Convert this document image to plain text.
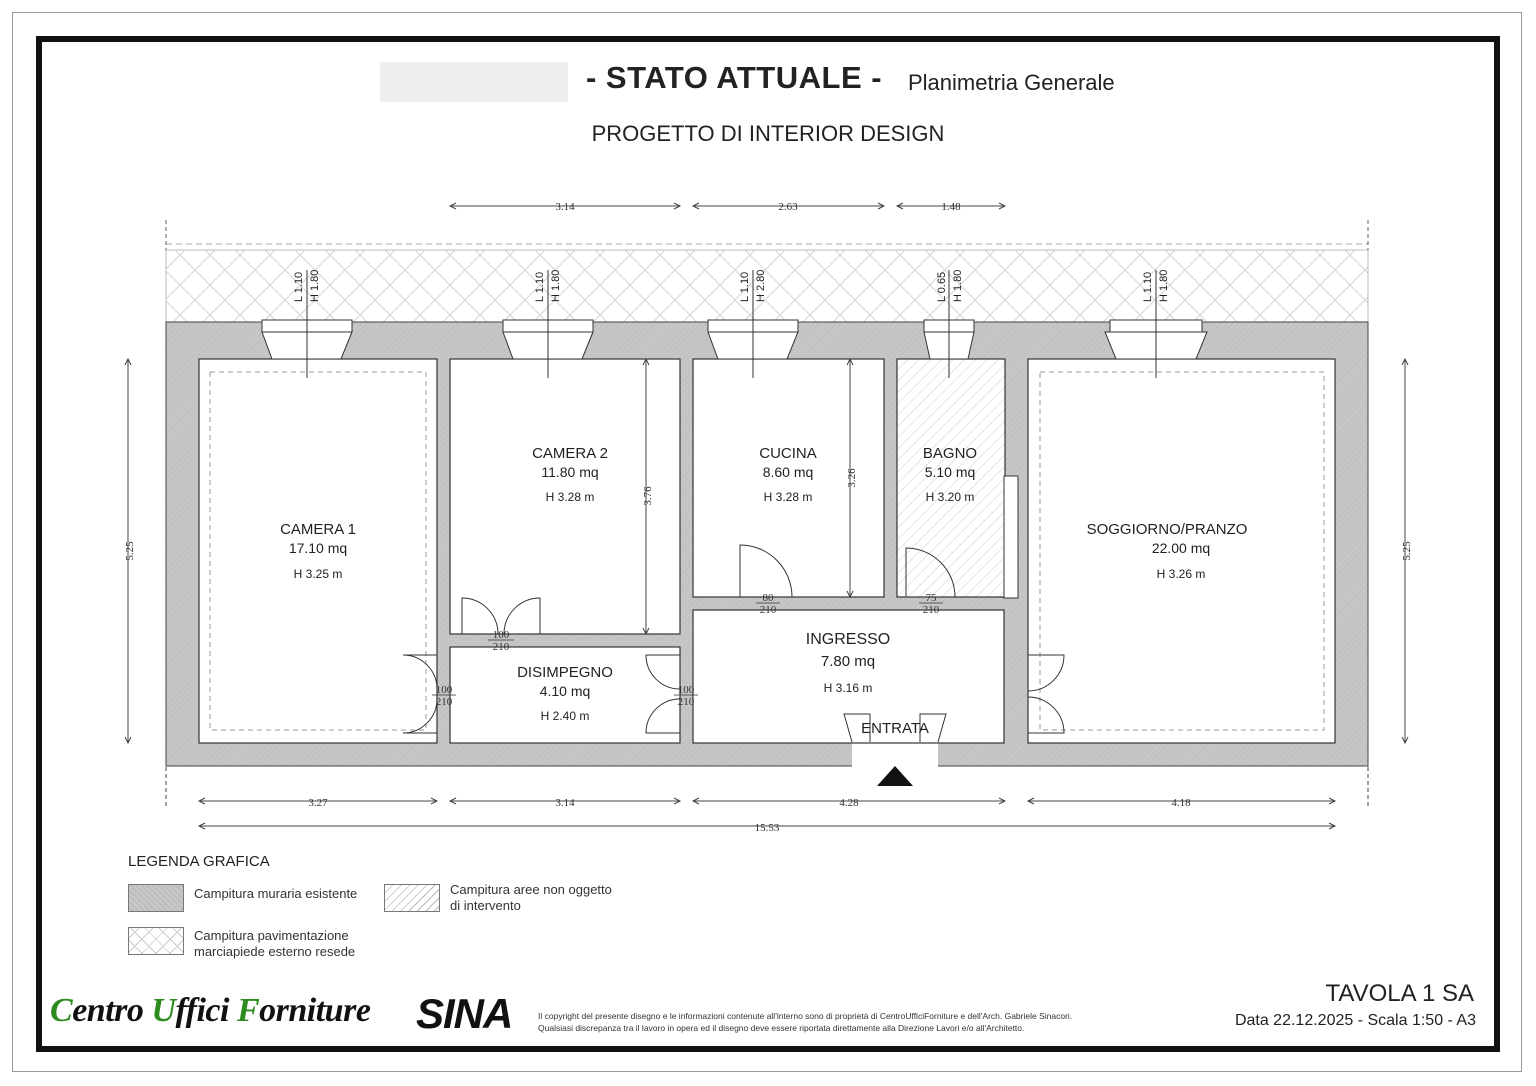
- STATO ATTUALE - Planimetria Generale
PROGETTO DI INTERIOR DESIGN
L 1.10 H 1.80	L 1.10 H 1.80	L 1.10 H 2.80	L 0.65 H 1.80	L 1.10 H 1.80
100
210
100
210
100
210
80
210
75
210
CAMERA 1
17.10 mq
H 3.25 m
CAMERA 2
11.80 mq
H 3.28 m
CUCINA
8.60 mq
H 3.28 m
BAGNO
5.10 mq
H 3.20 m
SOGGIORNO/PRANZO
22.00 mq
H 3.26 m
INGRESSO
7.80 mq
H 3.16 m
DISIMPEGNO
4.10 mq
H 2.40 m
ENTRATA
3.14	2.63	1.48
3.27	3.14	4.28	4.18
15.53
5.25	5.25
3.76
3.26
LEGENDA GRAFICA
Campitura muraria esistente	Campitura aree non oggetto
di intervento
Campitura pavimentazione
marciapiede esterno resede
Centro Uffici Forniture SINA	Il copyright del presente disegno e le informazioni contenute all'interno sono di proprietà di CentroUfficiForniture e dell'Arch. Gabriele Sinacori.
Qualsiasi discrepanza tra il lavoro in opera ed il disegno deve essere riportata direttamente alla Direzione Lavori e/o all'Architetto.
TAVOLA 1 SA
Data 22.12.2025 - Scala 1:50 - A3
